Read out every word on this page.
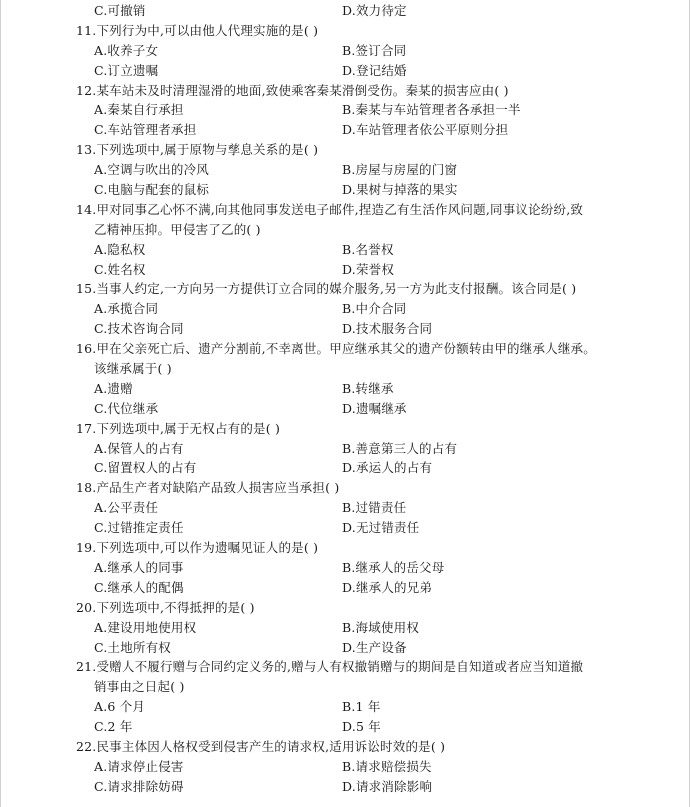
C.可撤销	D.效力待定
11.下列行为中,可以由他人代理实施的是( )
A.收养子女	B.签订合同
C.订立遗嘱	D.登记结婚
12.某车站未及时清理湿滑的地面,致使乘客秦某滑倒受伤。秦某的损害应由( )
A.秦某自行承担	B.秦某与车站管理者各承担一半
C.车站管理者承担	D.车站管理者依公平原则分担
13.下列选项中,属于原物与孳息关系的是( )
A.空调与吹出的冷风	B.房屋与房屋的门窗
C.电脑与配套的鼠标	D.果树与掉落的果实
14.甲对同事乙心怀不满,向其他同事发送电子邮件,捏造乙有生活作风问题,同事议论纷纷,致
乙精神压抑。甲侵害了乙的( )
A.隐私权	B.名誉权
C.姓名权	D.荣誉权
15.当事人约定,一方向另一方提供订立合同的媒介服务,另一方为此支付报酬。该合同是( )
A.承揽合同	B.中介合同
C.技术咨询合同	D.技术服务合同
16.甲在父亲死亡后、遗产分割前,不幸离世。甲应继承其父的遗产份额转由甲的继承人继承。
该继承属于( )
A.遗赠	B.转继承
C.代位继承	D.遗嘱继承
17.下列选项中,属于无权占有的是( )
A.保管人的占有	B.善意第三人的占有
C.留置权人的占有	D.承运人的占有
18.产品生产者对缺陷产品致人损害应当承担( )
A.公平责任	B.过错责任
C.过错推定责任	D.无过错责任
19.下列选项中,可以作为遗嘱见证人的是( )
A.继承人的同事	B.继承人的岳父母
C.继承人的配偶	D.继承人的兄弟
20.下列选项中,不得抵押的是( )
A.建设用地使用权	B.海域使用权
C.土地所有权	D.生产设备
21.受赠人不履行赠与合同约定义务的,赠与人有权撤销赠与的期间是自知道或者应当知道撤
销事由之日起( )
A.6 个月	B.1 年
C.2 年	D.5 年
22.民事主体因人格权受到侵害产生的请求权,适用诉讼时效的是( )
A.请求停止侵害	B.请求赔偿损失
C.请求排除妨碍	D.请求消除影响
